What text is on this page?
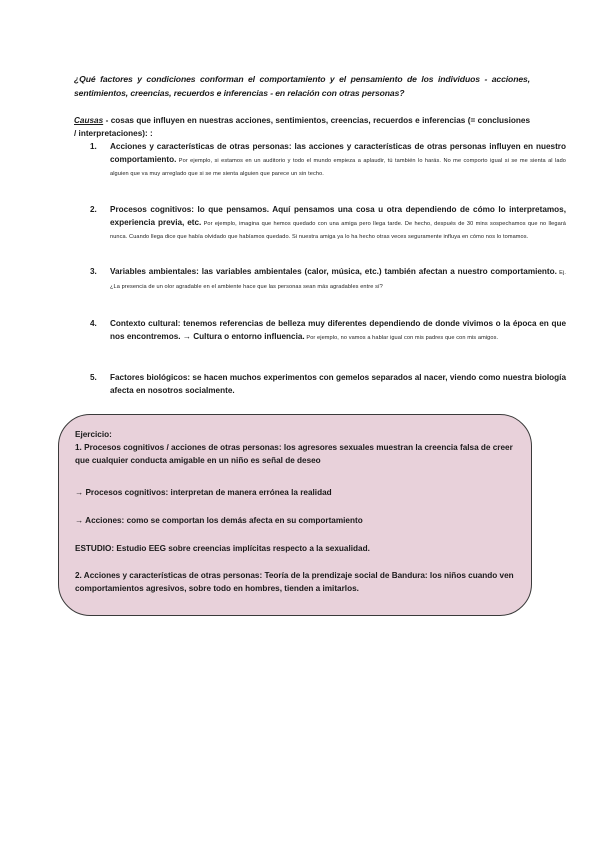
¿Qué factores y condiciones conforman el comportamiento y el pensamiento de los individuos - acciones, sentimientos, creencias, recuerdos e inferencias - en relación con otras personas?
Causas - cosas que influyen en nuestras acciones, sentimientos, creencias, recuerdos e inferencias (= conclusiones / interpretaciones): :
1. Acciones y características de otras personas: las acciones y características de otras personas influyen en nuestro comportamiento. Por ejemplo, si estamos en un auditorio y todo el mundo empieza a aplaudir, tú también lo harás. No me comporto igual si se me sienta al lado alguien que va muy arreglado que si se me sienta alguien que parece un sin techo.
2. Procesos cognitivos: lo que pensamos. Aquí pensamos una cosa u otra dependiendo de cómo lo interpretamos, experiencia previa, etc. Por ejemplo, imagina que hemos quedado con una amiga pero llega tarde. De hecho, después de 30 mins sospechamos que no llegará nunca. Cuando llega dice que había olvidado que habíamos quedado. Si nuestra amiga ya lo ha hecho otras veces seguramente influya en cómo nos lo tomamos.
3. Variables ambientales: las variables ambientales (calor, música, etc.) también afectan a nuestro comportamiento. Ej. ¿La presencia de un olor agradable en el ambiente hace que las personas sean más agradables entre sí?
4. Contexto cultural: tenemos referencias de belleza muy diferentes dependiendo de donde vivimos o la época en que nos encontremos. → Cultura o entorno influencia. Por ejemplo, no vamos a hablar igual con mis padres que con mis amigos.
5. Factores biológicos: se hacen muchos experimentos con gemelos separados al nacer, viendo como nuestra biología afecta en nosotros socialmente.
Ejercicio:
1. Procesos cognitivos / acciones de otras personas: los agresores sexuales muestran la creencia falsa de creer que cualquier conducta amigable en un niño es señal de deseo
→ Procesos cognitivos: interpretan de manera errónea la realidad
→ Acciones: como se comportan los demás afecta en su comportamiento
ESTUDIO: Estudio EEG sobre creencias implícitas respecto a la sexualidad.
2. Acciones y características de otras personas: Teoría de la prendizaje social de Bandura: los niños cuando ven comportamientos agresivos, sobre todo en hombres, tienden a imitarlos.
